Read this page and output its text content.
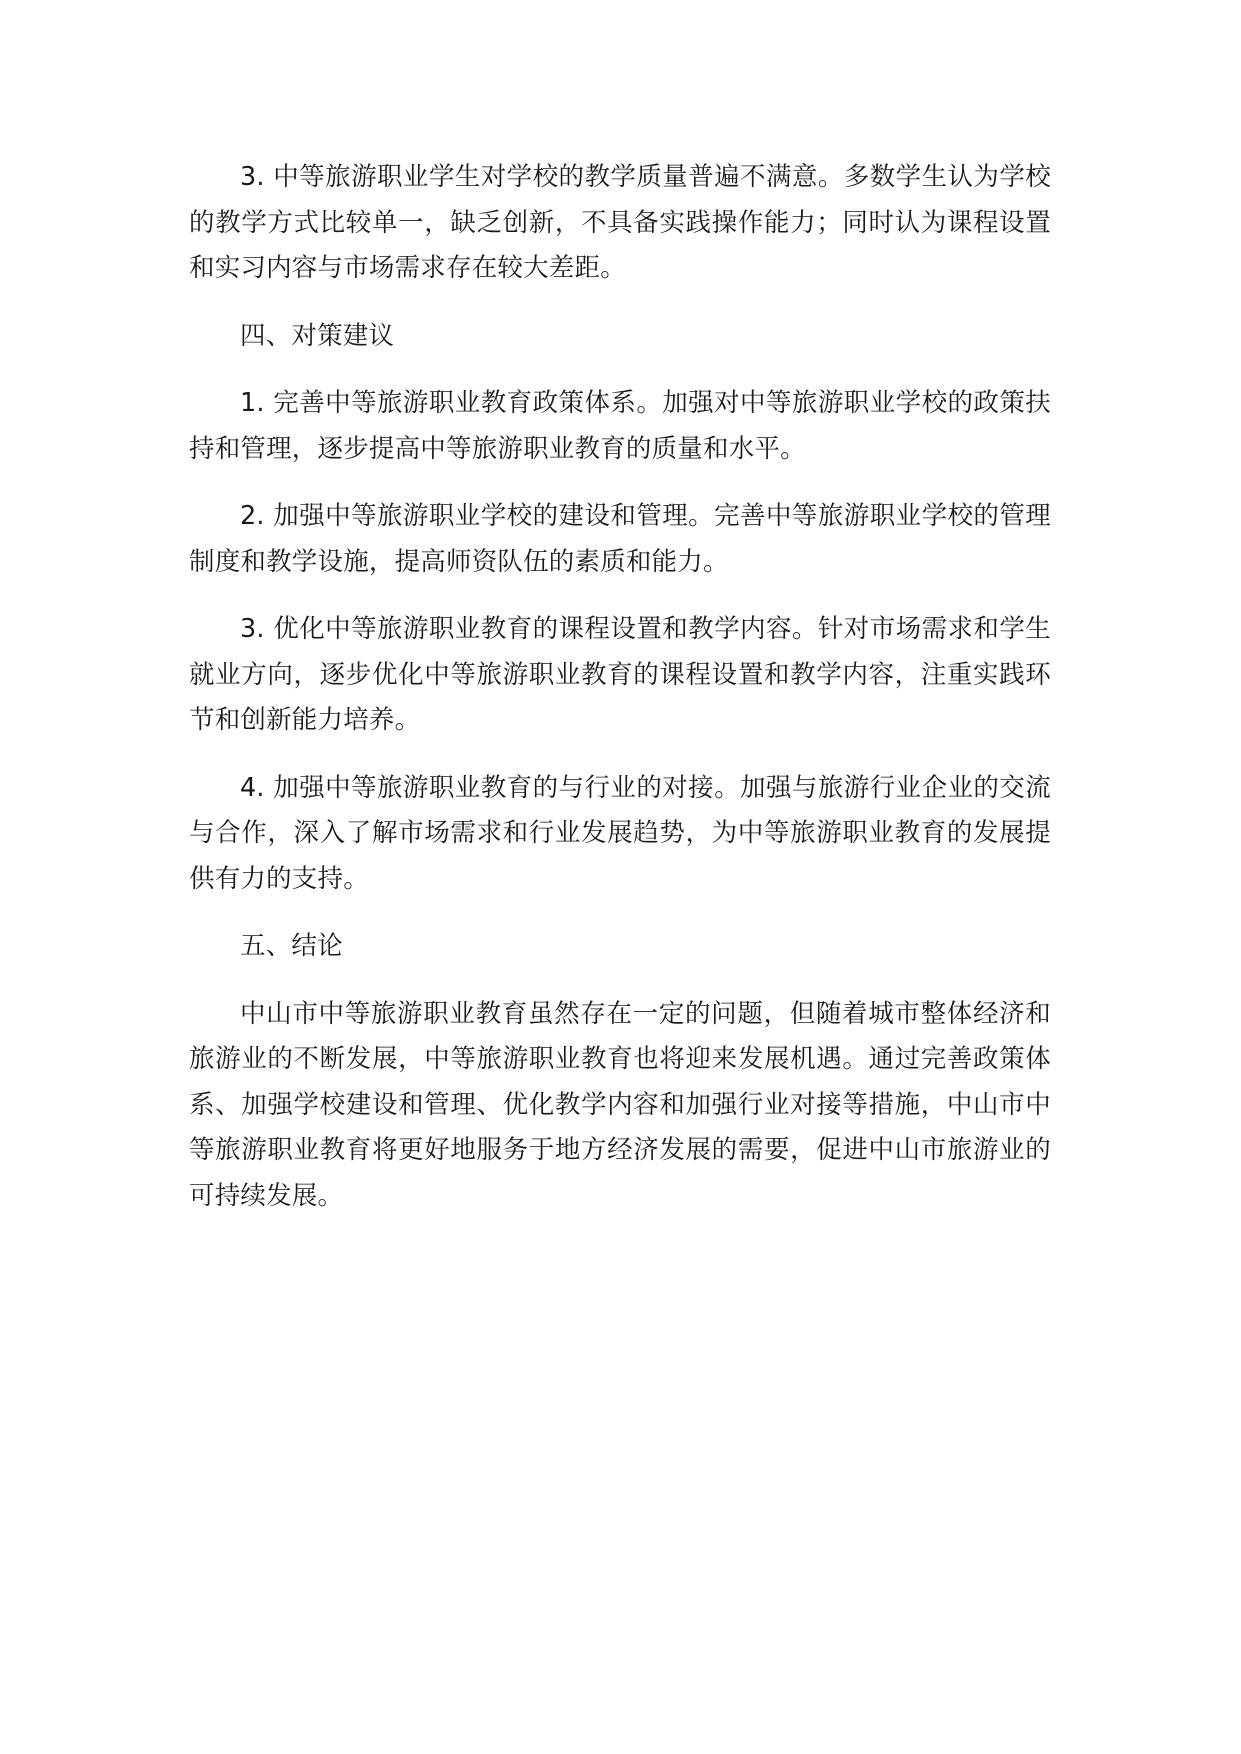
3. 中等旅游职业学生对学校的教学质量普遍不满意。多数学生认为学校的教学方式比较单一，缺乏创新，不具备实践操作能力；同时认为课程设置和实习内容与市场需求存在较大差距。

四、对策建议

1. 完善中等旅游职业教育政策体系。加强对中等旅游职业学校的政策扶持和管理，逐步提高中等旅游职业教育的质量和水平。

2. 加强中等旅游职业学校的建设和管理。完善中等旅游职业学校的管理制度和教学设施，提高师资队伍的素质和能力。

3. 优化中等旅游职业教育的课程设置和教学内容。针对市场需求和学生就业方向，逐步优化中等旅游职业教育的课程设置和教学内容，注重实践环节和创新能力培养。

4. 加强中等旅游职业教育的与行业的对接。加强与旅游行业企业的交流与合作，深入了解市场需求和行业发展趋势，为中等旅游职业教育的发展提供有力的支持。

五、结论

中山市中等旅游职业教育虽然存在一定的问题，但随着城市整体经济和旅游业的不断发展，中等旅游职业教育也将迎来发展机遇。通过完善政策体系、加强学校建设和管理、优化教学内容和加强行业对接等措施，中山市中等旅游职业教育将更好地服务于地方经济发展的需要，促进中山市旅游业的可持续发展。
